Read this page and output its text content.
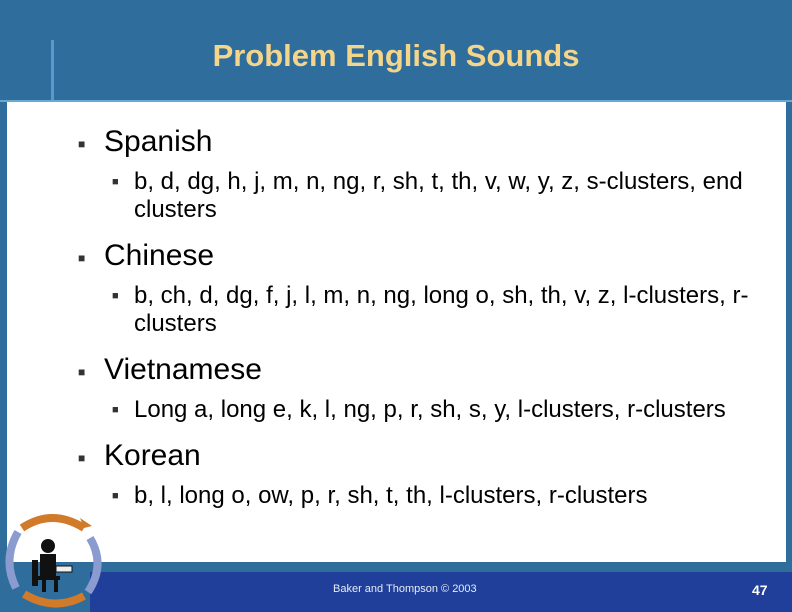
Problem English Sounds
■ Spanish
■ b, d, dg, h, j, m, n, ng, r, sh, t, th, v, w, y, z, s-clusters, end clusters
■ Chinese
■ b, ch, d, dg, f, j, l, m, n, ng, long o, sh, th, v, z, l-clusters, r-clusters
■ Vietnamese
■ Long a, long e, k, l, ng, p, r, sh, s, y, l-clusters, r-clusters
■ Korean
■ b, l, long o, ow, p, r, sh, t, th, l-clusters, r-clusters
Baker and Thompson © 2003	47
